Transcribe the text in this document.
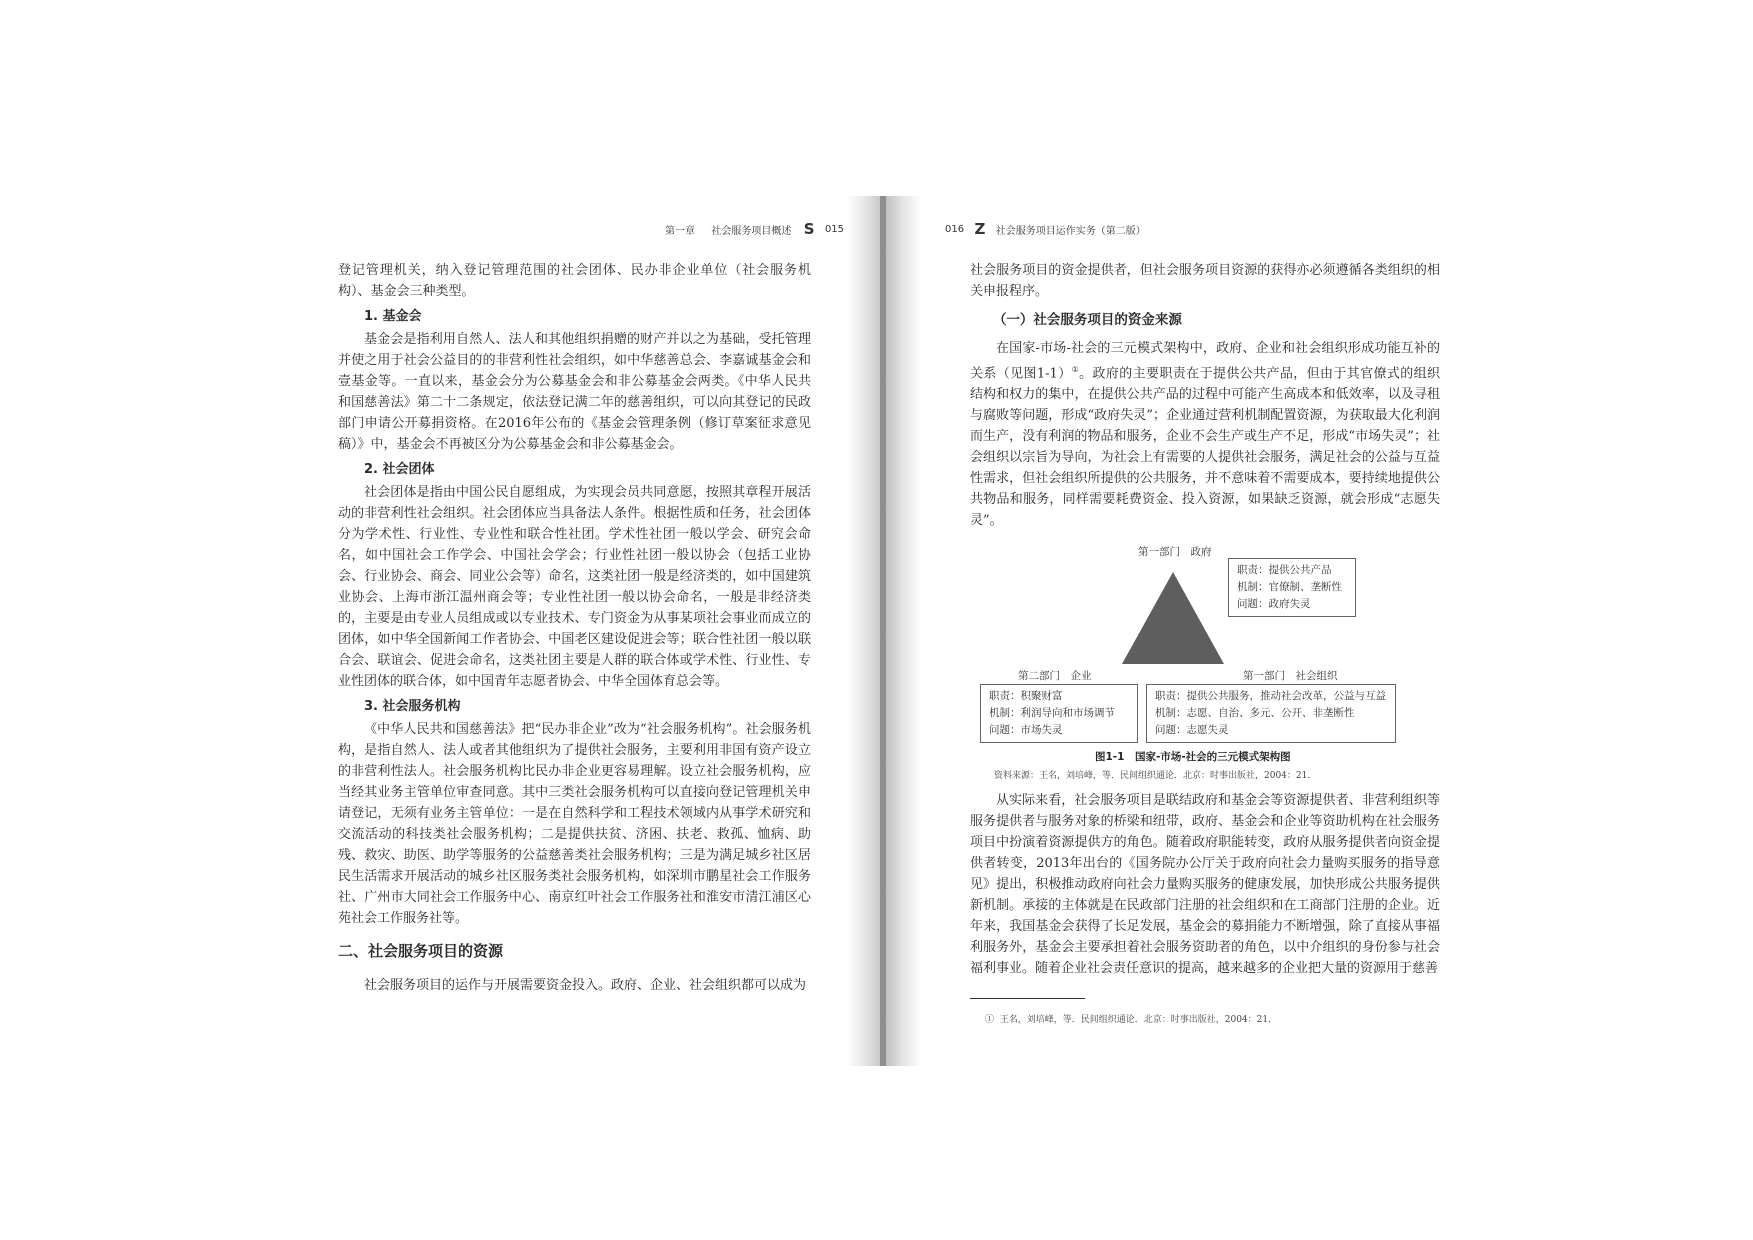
第一章 社会服务项目概述 S 015

登记管理机关，纳入登记管理范围的社会团体、民办非企业单位（社会服务机构）、基金会三种类型。

1. 基金会

基金会是指利用自然人、法人和其他组织捐赠的财产并以之为基础，受托管理并使之用于社会公益目的的非营利性社会组织，如中华慈善总会、李嘉诚基金会和壹基金等。一直以来，基金会分为公募基金会和非公募基金会两类。《中华人民共和国慈善法》第二十二条规定，依法登记满二年的慈善组织，可以向其登记的民政部门申请公开募捐资格。在2016年公布的《基金会管理条例（修订草案征求意见稿）》中，基金会不再被区分为公募基金会和非公募基金会。

2. 社会团体

社会团体是指由中国公民自愿组成，为实现会员共同意愿，按照其章程开展活动的非营利性社会组织。社会团体应当具备法人条件。根据性质和任务，社会团体分为学术性、行业性、专业性和联合性社团。学术性社团一般以学会、研究会命名，如中国社会工作学会、中国社会学会；行业性社团一般以协会（包括工业协会、行业协会、商会、同业公会等）命名，这类社团一般是经济类的，如中国建筑业协会、上海市浙江温州商会等；专业性社团一般以协会命名，一般是非经济类的，主要是由专业人员组成或以专业技术、专门资金为从事某项社会事业而成立的团体，如中华全国新闻工作者协会、中国老区建设促进会等；联合性社团一般以联合会、联谊会、促进会命名，这类社团主要是人群的联合体或学术性、行业性、专业性团体的联合体，如中国青年志愿者协会、中华全国体育总会等。

3. 社会服务机构

《中华人民共和国慈善法》把“民办非企业”改为“社会服务机构”。社会服务机构，是指自然人、法人或者其他组织为了提供社会服务，主要利用非国有资产设立的非营利性法人。社会服务机构比民办非企业更容易理解。设立社会服务机构，应当经其业务主管单位审查同意。其中三类社会服务机构可以直接向登记管理机关申请登记，无须有业务主管单位：一是在自然科学和工程技术领域内从事学术研究和交流活动的科技类社会服务机构；二是提供扶贫、济困、扶老、救孤、恤病、助残、救灾、助医、助学等服务的公益慈善类社会服务机构；三是为满足城乡社区居民生活需求开展活动的城乡社区服务类社会服务机构，如深圳市鹏星社会工作服务社、广州市大同社会工作服务中心、南京红叶社会工作服务社和淮安市清江浦区心苑社会工作服务社等。

二、社会服务项目的资源

社会服务项目的运作与开展需要资金投入。政府、企业、社会组织都可以成为

016 Z 社会服务项目运作实务（第二版）

社会服务项目的资金提供者，但社会服务项目资源的获得亦必须遵循各类组织的相关申报程序。

（一）社会服务项目的资金来源

在国家-市场-社会的三元模式架构中，政府、企业和社会组织形成功能互补的关系（见图1-1）①。政府的主要职责在于提供公共产品，但由于其官僚式的组织结构和权力的集中，在提供公共产品的过程中可能产生高成本和低效率，以及寻租与腐败等问题，形成“政府失灵”；企业通过营利机制配置资源，为获取最大化利润而生产，没有利润的物品和服务，企业不会生产或生产不足，形成“市场失灵”；社会组织以宗旨为导向，为社会上有需要的人提供社会服务，满足社会的公益与互益性需求，但社会组织所提供的公共服务，并不意味着不需要成本，要持续地提供公共物品和服务，同样需要耗费资金、投入资源，如果缺乏资源，就会形成“志愿失灵”。

第一部门　政府
职责：提供公共产品
机制：官僚制、垄断性
问题：政府失灵
第二部门　企业
职责：积聚财富
机制：利润导向和市场调节
问题：市场失灵
第一部门　社会组织
职责：提供公共服务，推动社会改革，公益与互益
机制：志愿、自治、多元、公开、非垄断性
问题：志愿失灵
图1-1　国家-市场-社会的三元模式架构图
资料来源：王名，刘培峰，等．民间组织通论．北京：时事出版社，2004：21．

从实际来看，社会服务项目是联结政府和基金会等资源提供者、非营利组织等服务提供者与服务对象的桥梁和纽带，政府、基金会和企业等资助机构在社会服务项目中扮演着资源提供方的角色。随着政府职能转变，政府从服务提供者向资金提供者转变，2013年出台的《国务院办公厅关于政府向社会力量购买服务的指导意见》提出，积极推动政府向社会力量购买服务的健康发展，加快形成公共服务提供新机制。承接的主体就是在民政部门注册的社会组织和在工商部门注册的企业。近年来，我国基金会获得了长足发展，基金会的募捐能力不断增强，除了直接从事福利服务外，基金会主要承担着社会服务资助者的角色，以中介组织的身份参与社会福利事业。随着企业社会责任意识的提高，越来越多的企业把大量的资源用于慈善

① 王名，刘培峰，等．民间组织通论．北京：时事出版社，2004：21．
